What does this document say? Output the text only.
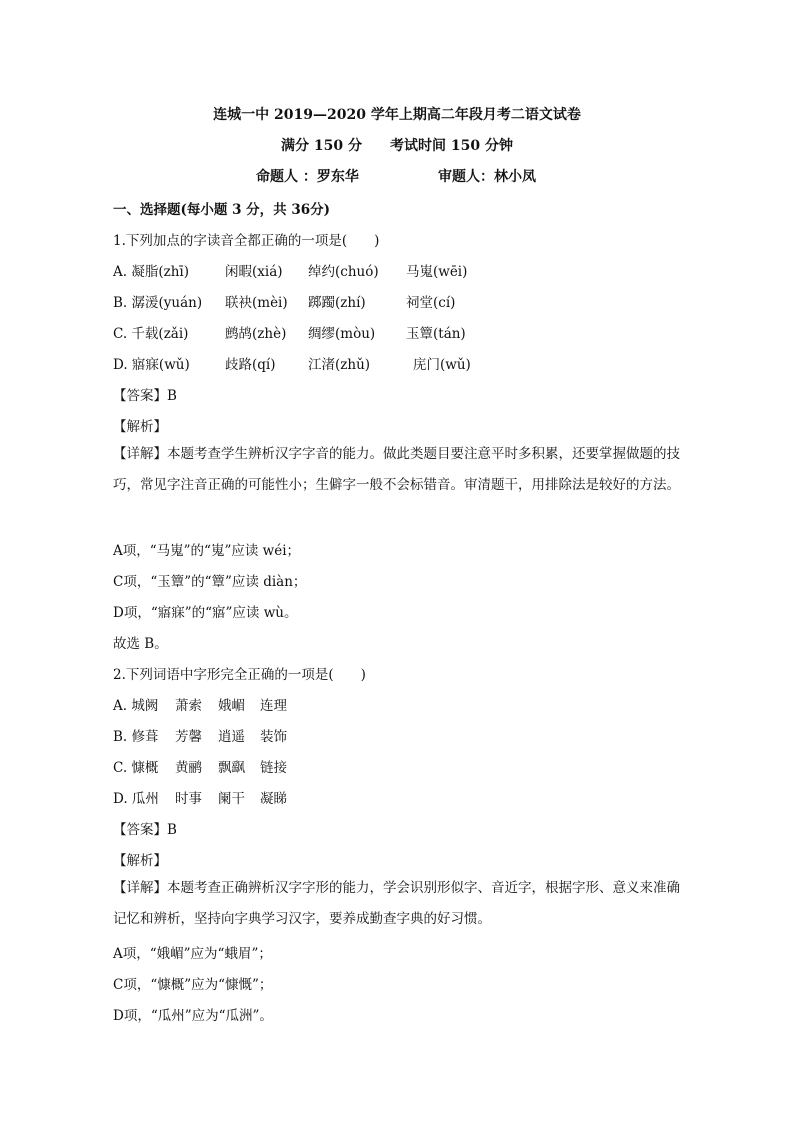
连城一中 2019—2020 学年上期高二年段月考二语文试卷
满分 150 分　　考试时间 150 分钟
命题人 ：罗东华	审题人：林小凤
一、选择题(每小题 3 分，共 36分)
1.下列加点的字读音全都正确的一项是(　　)
A. 凝脂(zhī)	闲暇(xiá) 绰约(chuó) 马嵬(wēi)
B. 潺湲(yuán) 联袂(mèi) 踯躅(zhí)	祠堂(cí)
C. 千载(zǎi)	鹧鸪(zhè) 绸缪(mòu) 玉簟(tán)
D. 寤寐(wǔ)	歧路(qí) 江渚(zhǔ)	庑门(wǔ)
【答案】B
【解析】
【详解】本题考查学生辨析汉字字音的能力。做此类题目要注意平时多积累，还要掌握做题的技巧，常见字注音正确的可能性小；生僻字一般不会标错音。审清题干，用排除法是较好的方法。
A项，“马嵬”的“嵬”应读 wéi；
C项，“玉簟”的“簟”应读 diàn；
D项，“寤寐”的“寤”应读 wù。
故选 B。
2.下列词语中字形完全正确的一项是(　　)
A. 城阙 萧索 娥嵋 连理
B. 修葺 芳馨 逍遥 装饰
C. 慷概 黄鹂 飘飖 链接
D. 瓜州 时事 阑干 凝睇
【答案】B
【解析】
【详解】本题考查正确辨析汉字字形的能力，学会识别形似字、音近字，根据字形、意义来准确记忆和辨析，坚持向字典学习汉字，要养成勤查字典的好习惯。
A项，“娥嵋”应为“蛾眉”；
C项，“慷概”应为“慷慨”；
D项，“瓜州”应为“瓜洲”。
